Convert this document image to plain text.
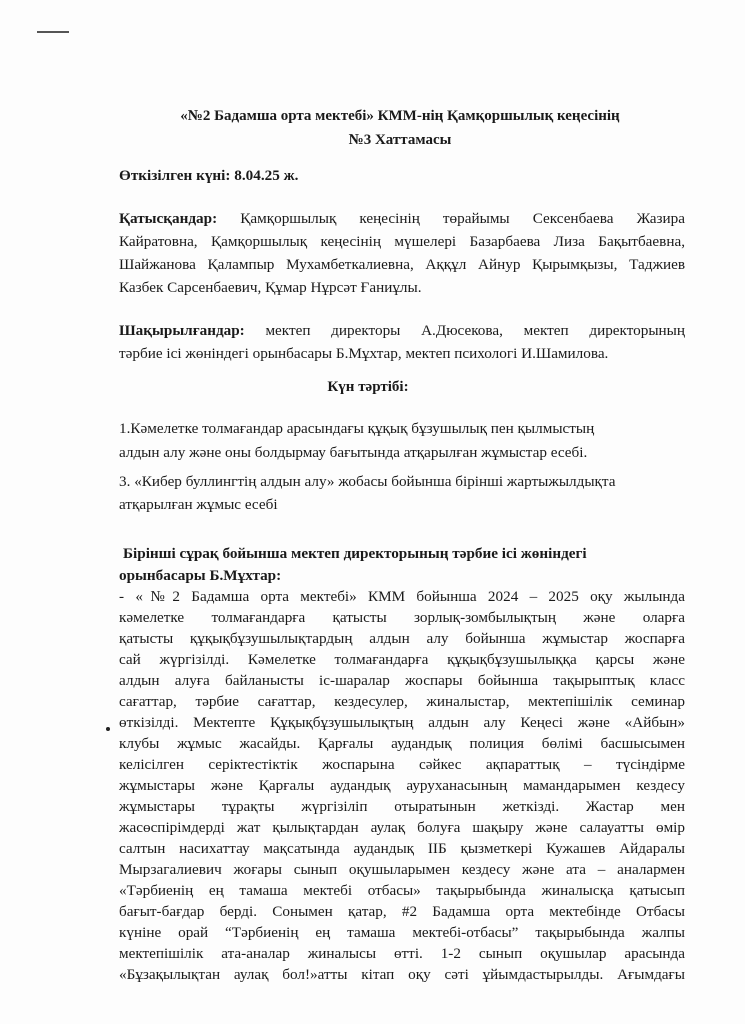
«№2 Бадамша орта мектебі» КММ-нің Қамқоршылық кеңесінің
№3 Хаттамасы
Өткізілген күні: 8.04.25 ж.
Қатысқандар: Қамқоршылық кеңесінің төрайымы Сексенбаева Жазира
Кайратовна, Қамқоршылық кеңесінің мүшелері Базарбаева Лиза Бақытбаевна,
Шайжанова Қалампыр Мухамбеткалиевна, Аққұл Айнур Қырымқызы, Таджиев
Казбек Сарсенбаевич, Құмар Нұрсәт Ғаниұлы.
Шақырылғандар: мектеп директоры А.Дюсекова, мектеп директорының
тәрбие ісі жөніндегі орынбасары Б.Мұхтар, мектеп психологі И.Шамилова.
Күн тәртібі:
1.Кәмелетке толмағандар арасындағы құқық бұзушылық пен қылмыстың
алдын алу және оны болдырмау бағытында атқарылған жұмыстар есебі.
3. «Кибер буллингтің алдын алу» жобасы бойынша бірінші жартыжылдықта
атқарылған жұмыс есебі
Бірінші сұрақ бойынша мектеп директорының тәрбие ісі жөніндегі
орынбасары Б.Мұхтар:
- «№2 Бадамша орта мектебі» КММ бойынша 2024 – 2025 оқу жылында
кәмелетке толмағандарға қатысты зорлық-зомбылықтың және оларға
қатысты құқықбұзушылықтардың алдын алу бойынша жұмыстар жоспарға
сай жүргізілді. Кәмелетке толмағандарға құқықбұзушылыққа қарсы және
алдын алуға байланысты іс-шаралар жоспары бойынша тақырыптық класс
сағаттар, тәрбие сағаттар, кездесулер, жиналыстар, мектепішілік семинар
өткізілді. Мектепте Құқықбұзушылықтың алдын алу Кеңесі және «Айбын»
клубы жұмыс жасайды. Қарғалы аудандық полиция бөлімі басшысымен
келісілген серіктестіктік жоспарына сәйкес ақпараттық – түсіндірме
жұмыстары және Қарғалы аудандық ауруханасының мамандарымен кездесу
жұмыстары тұрақты жүргізіліп отыратынын жеткізді. Жастар мен
жасөспірімдерді жат қылықтардан аулақ болуға шақыру және салауатты өмір
салтын насихаттау мақсатында аудандық ІІБ қызметкері Кужашев Айдаралы
Мырзагалиевич жоғары сынып оқушыларымен кездесу және ата – аналармен
«Тәрбиенің ең тамаша мектебі отбасы» тақырыбында жиналысқа қатысып
бағыт-бағдар берді. Сонымен қатар, #2 Бадамша орта мектебінде Отбасы
күніне орай “Тәрбиенің ең тамаша мектебі-отбасы” тақырыбында жалпы
мектепішілік ата-аналар жиналысы өтті. 1-2 сынып оқушылар арасында
«Бұзақылықтан аулақ бол!»атты кітап оқу сәті ұйымдастырылды. Ағымдағы
